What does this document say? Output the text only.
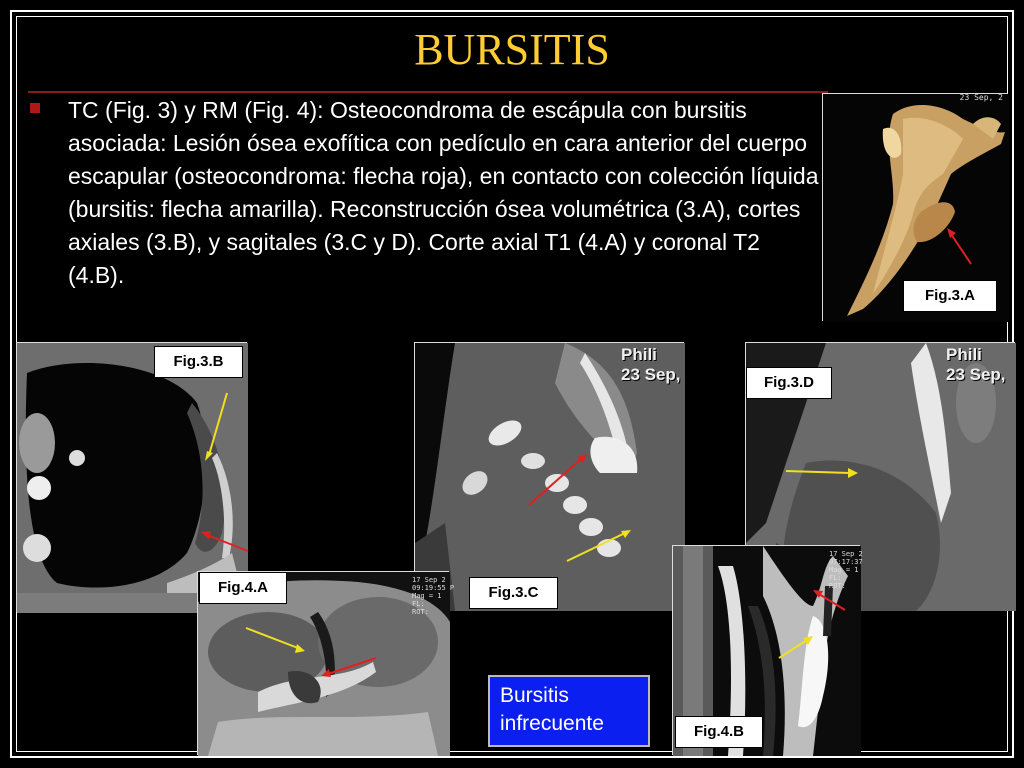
BURSITIS
TC (Fig. 3) y RM (Fig. 4): Osteocondroma de escápula con bursitis asociada: Lesión ósea exofítica con pedículo en cara anterior del cuerpo escapular (osteocondroma: flecha roja), en contacto con colección líquida (bursitis: flecha amarilla). Reconstrucción ósea volumétrica (3.A), cortes axiales (3.B), y sagitales (3.C y D). Corte axial T1 (4.A) y coronal T2 (4.B).
23 Sep, 2
Fig.3.A
Fig.3.B	Phili
23 Sep,
Fig.3.C
Phili
23 Sep,
Fig.3.D
17 Sep 2
09:19:55 P
Mag = 1
FL:
ROT:
Fig.4.A
17 Sep 2
07:17:37
Mag = 1
FL:
ROT:
Fig.4.B
Bursitis infrecuente
